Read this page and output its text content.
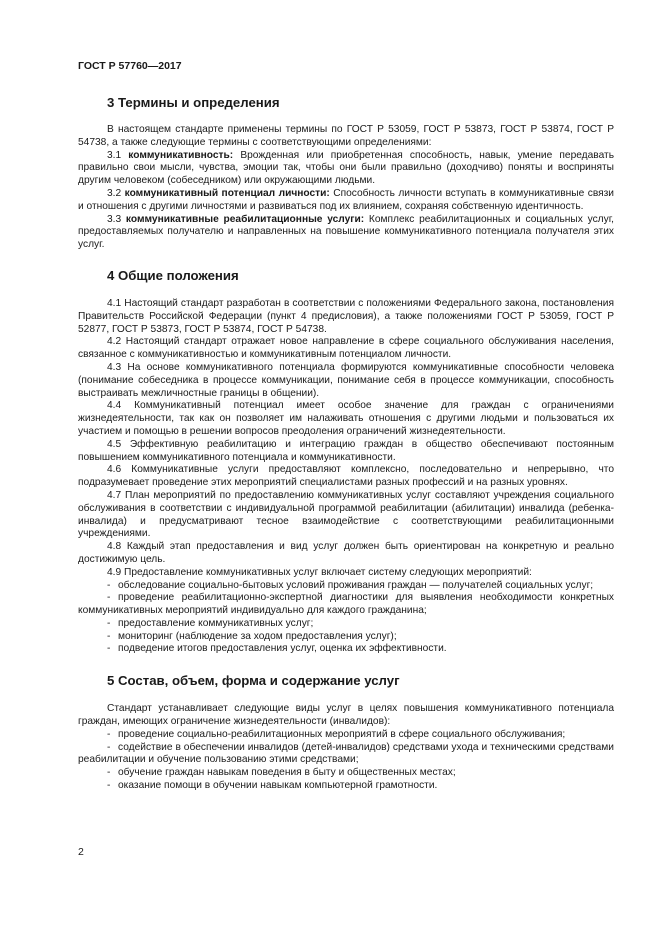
ГОСТ Р 57760—2017
3 Термины и определения

В настоящем стандарте применены термины по ГОСТ Р 53059, ГОСТ Р 53873, ГОСТ Р 53874, ГОСТ Р 54738, а также следующие термины с соответствующими определениями:

3.1 коммуникативность: Врожденная или приобретенная способность, навык, умение передавать правильно свои мысли, чувства, эмоции так, чтобы они были правильно (доходчиво) поняты и восприняты другим человеком (собеседником) или окружающими людьми.

3.2 коммуникативный потенциал личности: Способность личности вступать в коммуникативные связи и отношения с другими личностями и развиваться под их влиянием, сохраняя собственную идентичность.

3.3 коммуникативные реабилитационные услуги: Комплекс реабилитационных и социальных услуг, предоставляемых получателю и направленных на повышение коммуникативного потенциала получателя этих услуг.

4 Общие положения

4.1 Настоящий стандарт разработан в соответствии с положениями Федерального закона, постановления Правительств Российской Федерации (пункт 4 предисловия), а также положениями ГОСТ Р 53059, ГОСТ Р 52877, ГОСТ Р 53873, ГОСТ Р 53874, ГОСТ Р 54738.

4.2 Настоящий стандарт отражает новое направление в сфере социального обслуживания населения, связанное с коммуникативностью и коммуникативным потенциалом личности.

4.3 На основе коммуникативного потенциала формируются коммуникативные способности человека (понимание собеседника в процессе коммуникации, понимание себя в процессе коммуникации, способность выстраивать межличностные границы в общении).

4.4 Коммуникативный потенциал имеет особое значение для граждан с ограничениями жизнедеятельности, так как он позволяет им налаживать отношения с другими людьми и пользоваться их участием и помощью в решении вопросов преодоления ограничений жизнедеятельности.

4.5 Эффективную реабилитацию и интеграцию граждан в общество обеспечивают постоянным повышением коммуникативного потенциала и коммуникативности.

4.6 Коммуникативные услуги предоставляют комплексно, последовательно и непрерывно, что подразумевает проведение этих мероприятий специалистами разных профессий и на разных уровнях.

4.7 План мероприятий по предоставлению коммуникативных услуг составляют учреждения социального обслуживания в соответствии с индивидуальной программой реабилитации (абилитации) инвалида (ребенка-инвалида) и предусматривают тесное взаимодействие с соответствующими реабилитационными учреждениями.

4.8 Каждый этап предоставления и вид услуг должен быть ориентирован на конкретную и реально достижимую цель.

4.9 Предоставление коммуникативных услуг включает систему следующих мероприятий:

- обследование социально-бытовых условий проживания граждан — получателей социальных услуг;

- проведение реабилитационно-экспертной диагностики для выявления необходимости конкретных коммуникативных мероприятий индивидуально для каждого гражданина;

- предоставление коммуникативных услуг;

- мониторинг (наблюдение за ходом предоставления услуг);

- подведение итогов предоставления услуг, оценка их эффективности.

5 Состав, объем, форма и содержание услуг

Стандарт устанавливает следующие виды услуг в целях повышения коммуникативного потенциала граждан, имеющих ограничение жизнедеятельности (инвалидов):

- проведение социально-реабилитационных мероприятий в сфере социального обслуживания;

- содействие в обеспечении инвалидов (детей-инвалидов) средствами ухода и техническими средствами реабилитации и обучение пользованию этими средствами;

- обучение граждан навыкам поведения в быту и общественных местах;

- оказание помощи в обучении навыкам компьютерной грамотности.

2
